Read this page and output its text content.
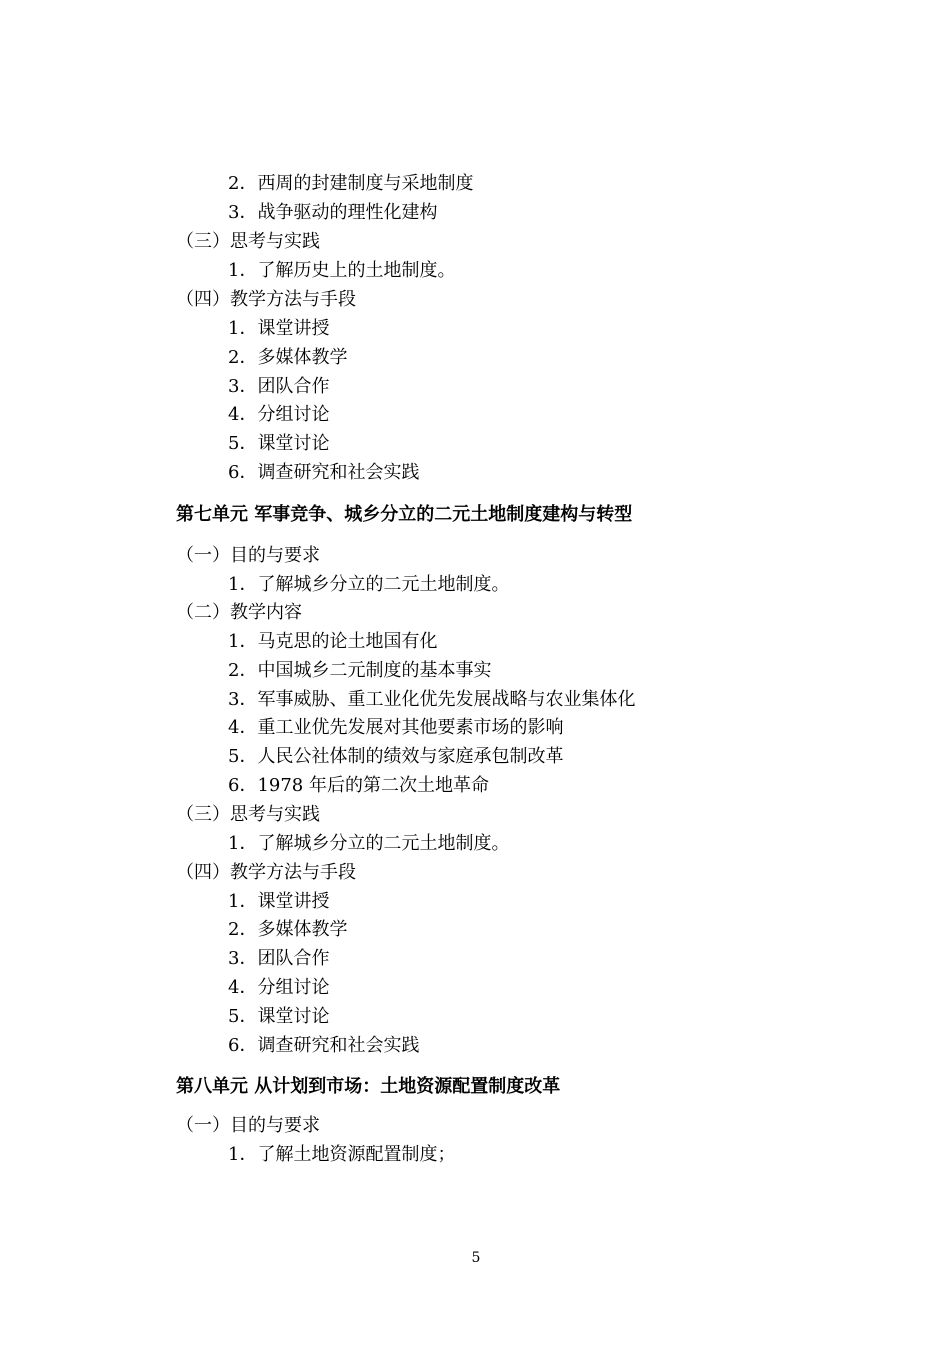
2．西周的封建制度与采地制度
3．战争驱动的理性化建构
（三）思考与实践
1．了解历史上的土地制度。
（四）教学方法与手段
1．课堂讲授
2．多媒体教学
3．团队合作
4．分组讨论
5．课堂讨论
6．调查研究和社会实践
第七单元 军事竞争、城乡分立的二元土地制度建构与转型
（一）目的与要求
1．了解城乡分立的二元土地制度。
（二）教学内容
1．马克思的论土地国有化
2．中国城乡二元制度的基本事实
3．军事威胁、重工业化优先发展战略与农业集体化
4．重工业优先发展对其他要素市场的影响
5．人民公社体制的绩效与家庭承包制改革
6．1978 年后的第二次土地革命
（三）思考与实践
1．了解城乡分立的二元土地制度。
（四）教学方法与手段
1．课堂讲授
2．多媒体教学
3．团队合作
4．分组讨论
5．课堂讨论
6．调查研究和社会实践
第八单元 从计划到市场：土地资源配置制度改革
（一）目的与要求
1．了解土地资源配置制度；
5
